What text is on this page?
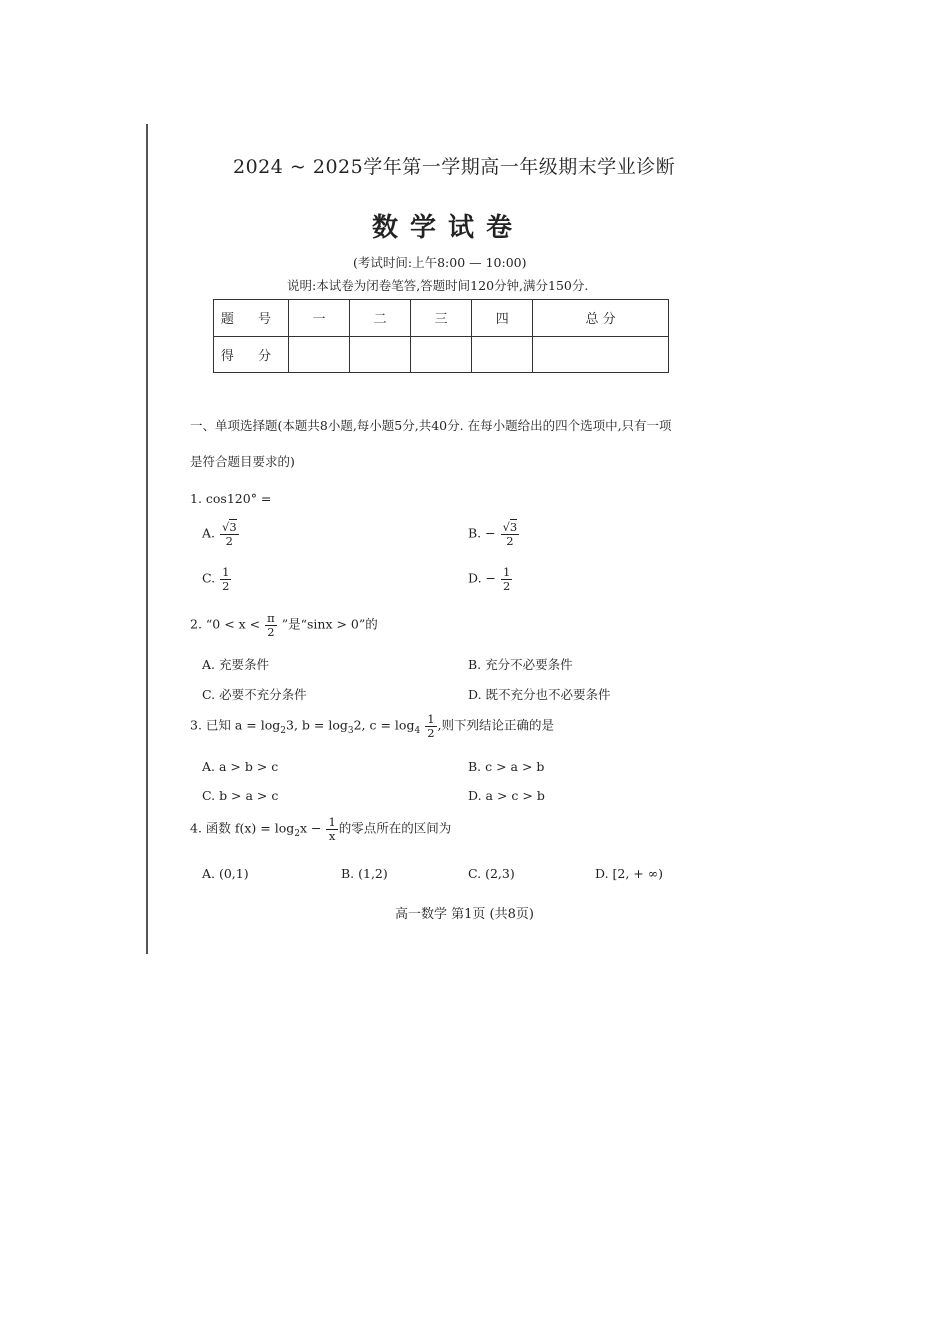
2024 ~ 2025学年第一学期高一年级期末学业诊断
数学试卷
(考试时间:上午8:00 — 10:00)
说明:本试卷为闭卷笔答,答题时间120分钟,满分150分.
题 号	一	二	三	四	总 分
得 分					
一、单项选择题(本题共8小题,每小题5分,共40分. 在每小题给出的四个选项中,只有一项
是符合题目要求的)
1. cos120° =
A. $\frac{√3}{2}$	B. − $\frac{√3}{2}$
C. $\frac{1}{2}$	D. − $\frac{1}{2}$
2. “$0 < x < \frac{\pi}{2}$ ”是“sinx > 0”的
A. 充要条件	B. 充分不必要条件
C. 必要不充分条件	D. 既不充分也不必要条件
3. 已知 $a = \log_23$, $b = \log_32$, $c = \log_4 \frac{1}{2}$ ,则下列结论正确的是
A. a > b > c	B. c > a > b
C. b > a > c	D. a > c > b
4. 函数 $f(x) = \log_2x - \frac{1}{x}$ 的零点所在的区间为
A. (0,1)	B. (1,2)	C. (2,3)	D. [2, + ∞)
高一数学 第1页 (共8页)
